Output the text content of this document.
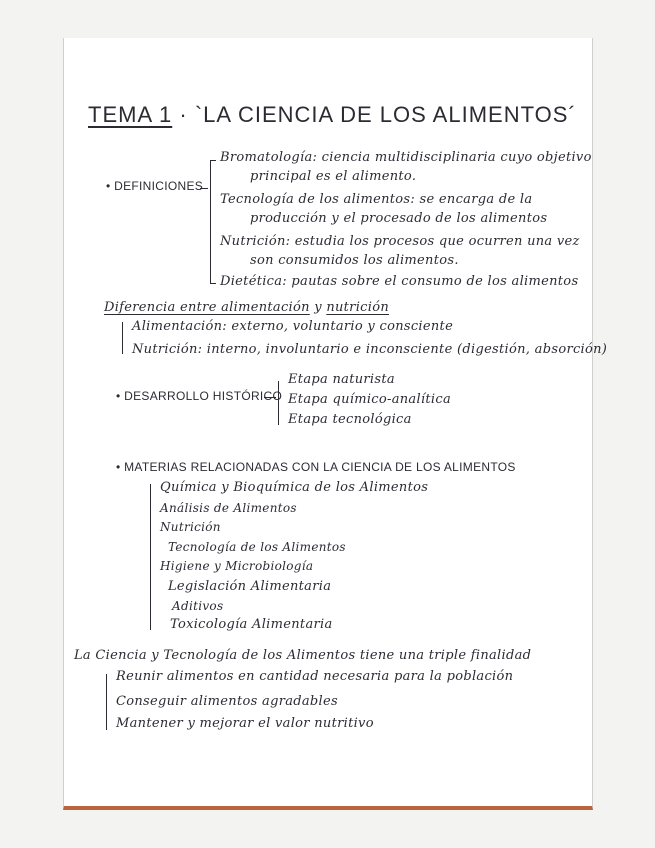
TEMA 1 · `LA CIENCIA DE LOS ALIMENTOS´
• DEFINICIONES
Bromatología: ciencia multidisciplinaria cuyo objetivo
principal es el alimento.
Tecnología de los alimentos: se encarga de la
producción y el procesado de los alimentos
Nutrición: estudia los procesos que ocurren una vez
son consumidos los alimentos.
Dietética: pautas sobre el consumo de los alimentos
Diferencia entre alimentación y nutrición
Alimentación: externo, voluntario y consciente
Nutrición: interno, involuntario e inconsciente (digestión, absorción)
• DESARROLLO HISTÓRICO
Etapa naturista
Etapa químico-analítica
Etapa tecnológica
• MATERIAS RELACIONADAS CON LA CIENCIA DE LOS ALIMENTOS
Química y Bioquímica de los Alimentos
Análisis de Alimentos
Nutrición
Tecnología de los Alimentos
Higiene y Microbiología
Legislación Alimentaria
Aditivos
Toxicología Alimentaria
La Ciencia y Tecnología de los Alimentos tiene una triple finalidad
Reunir alimentos en cantidad necesaria para la población
Conseguir alimentos agradables
Mantener y mejorar el valor nutritivo
